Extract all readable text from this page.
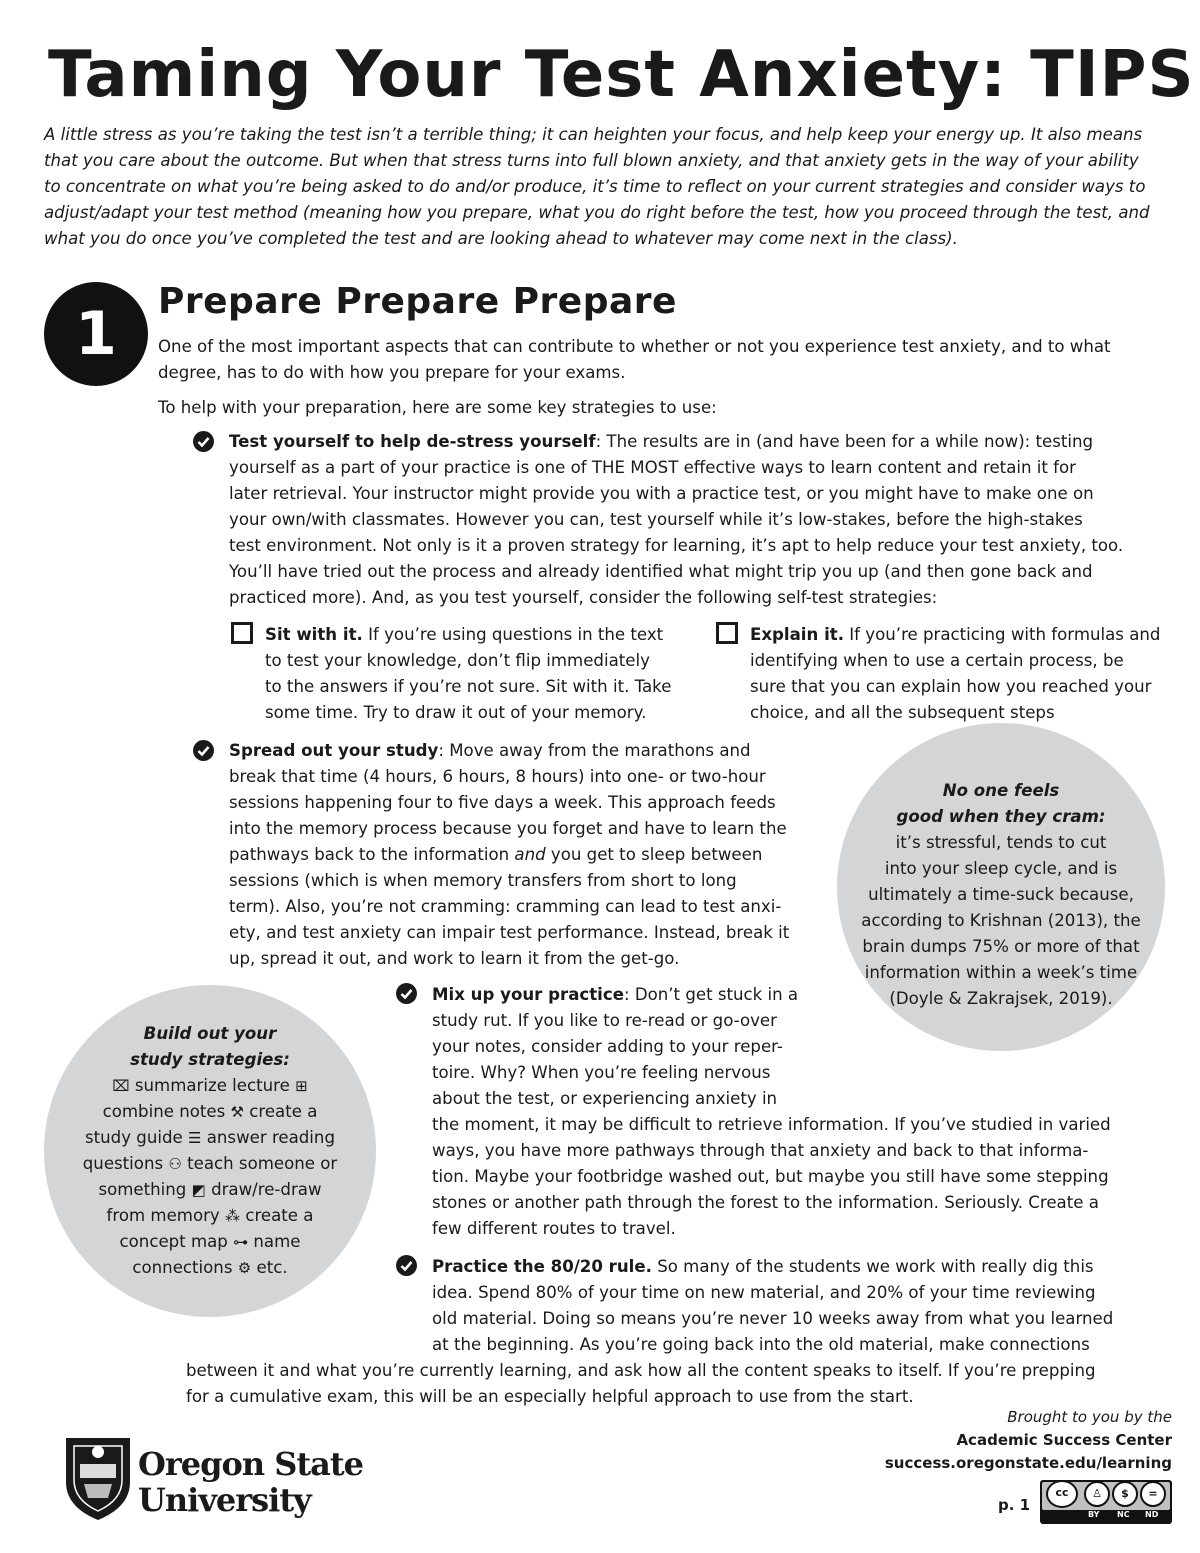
Taming Your Test Anxiety: TIPS
A little stress as you’re taking the test isn’t a terrible thing; it can heighten your focus, and help keep your energy up. It also means
that you care about the outcome. But when that stress turns into full blown anxiety, and that anxiety gets in the way of your ability
to concentrate on what you’re being asked to do and/or produce, it’s time to reflect on your current strategies and consider ways to
adjust/adapt your test method (meaning how you prepare, what you do right before the test, how you proceed through the test, and
what you do once you’ve completed the test and are looking ahead to whatever may come next in the class).
1	Prepare Prepare Prepare
One of the most important aspects that can contribute to whether or not you experience test anxiety, and to what
degree, has to do with how you prepare for your exams.
To help with your preparation, here are some key strategies to use:
Test yourself to help de-stress yourself: The results are in (and have been for a while now): testing
yourself as a part of your practice is one of THE MOST effective ways to learn content and retain it for
later retrieval. Your instructor might provide you with a practice test, or you might have to make one on
your own/with classmates. However you can, test yourself while it’s low-stakes, before the high-stakes
test environment. Not only is it a proven strategy for learning, it’s apt to help reduce your test anxiety, too.
You’ll have tried out the process and already identified what might trip you up (and then gone back and
practiced more). And, as you test yourself, consider the following self-test strategies:
Sit with it. If you’re using questions in the text
to test your knowledge, don’t flip immediately
to the answers if you’re not sure. Sit with it. Take
some time. Try to draw it out of your memory.
Explain it. If you’re practicing with formulas and
identifying when to use a certain process, be
sure that you can explain how you reached your
choice, and all the subsequent steps
Spread out your study: Move away from the marathons and
break that time (4 hours, 6 hours, 8 hours) into one- or two-hour
sessions happening four to five days a week. This approach feeds
into the memory process because you forget and have to learn the
pathways back to the information and you get to sleep between
sessions (which is when memory transfers from short to long
term). Also, you’re not cramming: cramming can lead to test anxi-
ety, and test anxiety can impair test performance. Instead, break it
up, spread it out, and work to learn it from the get-go.
No one feels
good when they cram:
it’s stressful, tends to cut
into your sleep cycle, and is
ultimately a time-suck because,
according to Krishnan (2013), the
brain dumps 75% or more of that
information within a week’s time
(Doyle & Zakrajsek, 2019).
Build out your
study strategies:
⌧ summarize lecture ⊞
combine notes ⚒ create a
study guide ☰ answer reading
questions ⚇ teach someone or
something ◩ draw/re-draw
from memory ⁂ create a
concept map ⊶ name
connections ⚙ etc.
Mix up your practice: Don’t get stuck in a
study rut. If you like to re-read or go-over
your notes, consider adding to your reper-
toire. Why? When you’re feeling nervous
about the test, or experiencing anxiety in
the moment, it may be difficult to retrieve information. If you’ve studied in varied
ways, you have more pathways through that anxiety and back to that informa-
tion. Maybe your footbridge washed out, but maybe you still have some stepping
stones or another path through the forest to the information. Seriously. Create a
few different routes to travel.
Practice the 80/20 rule. So many of the students we work with really dig this
idea. Spend 80% of your time on new material, and 20% of your time reviewing
old material. Doing so means you’re never 10 weeks away from what you learned
at the beginning. As you’re going back into the old material, make connections
between it and what you’re currently learning, and ask how all the content speaks to itself. If you’re prepping
for a cumulative exam, this will be an especially helpful approach to use from the start.
Oregon State
University
Brought to you by the
Academic Success Center
success.oregonstate.edu/learning
p. 1
cc	♙	$	=
BY NC ND
